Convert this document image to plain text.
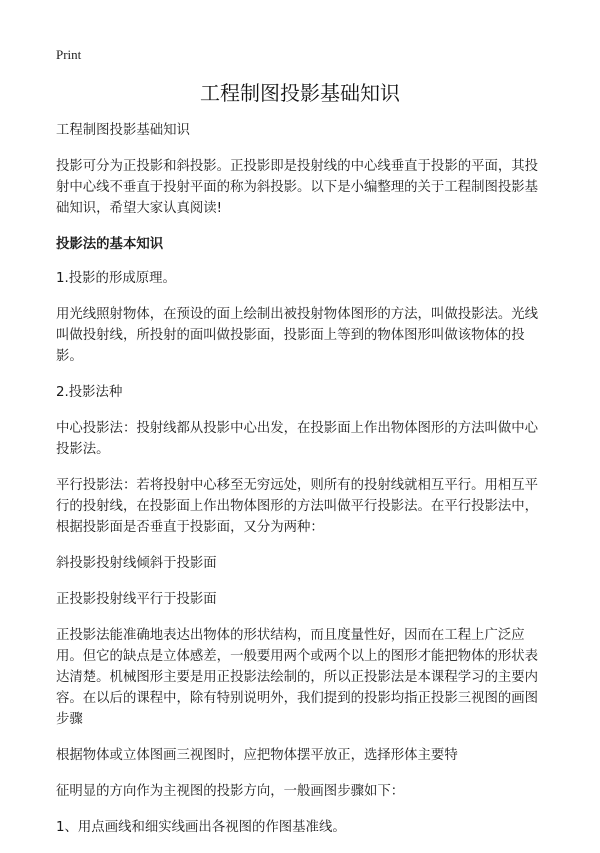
Print
工程制图投影基础知识

工程制图投影基础知识

投影可分为正投影和斜投影。正投影即是投射线的中心线垂直于投影的平面，其投射中心线不垂直于投射平面的称为斜投影。以下是小编整理的关于工程制图投影基础知识，希望大家认真阅读!

投影法的基本知识

1.投影的形成原理。

用光线照射物体，在预设的面上绘制出被投射物体图形的方法，叫做投影法。光线叫做投射线，所投射的面叫做投影面，投影面上等到的物体图形叫做该物体的投影。

2.投影法种

中心投影法：投射线都从投影中心出发，在投影面上作出物体图形的方法叫做中心投影法。

平行投影法：若将投射中心移至无穷远处，则所有的投射线就相互平行。用相互平行的投射线，在投影面上作出物体图形的方法叫做平行投影法。在平行投影法中，根据投影面是否垂直于投影面，又分为两种：

斜投影投射线倾斜于投影面

正投影投射线平行于投影面

正投影法能准确地表达出物体的形状结构，而且度量性好，因而在工程上广泛应用。但它的缺点是立体感差，一般要用两个或两个以上的图形才能把物体的形状表达清楚。机械图形主要是用正投影法绘制的，所以正投影法是本课程学习的主要内容。在以后的课程中，除有特别说明外，我们提到的投影均指正投影三视图的画图步骤

根据物体或立体图画三视图时，应把物体摆平放正，选择形体主要特

征明显的方向作为主视图的投影方向，一般画图步骤如下：

1、用点画线和细实线画出各视图的作图基准线。
